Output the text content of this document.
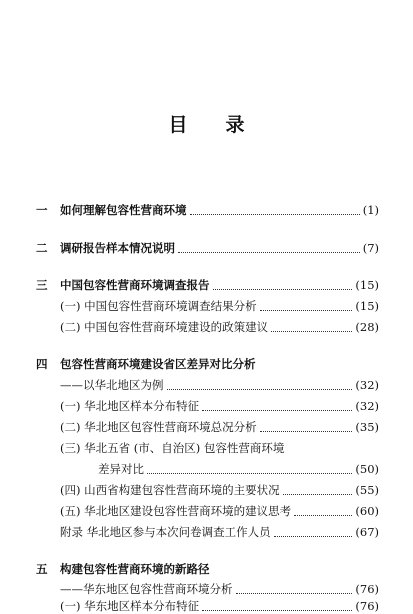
目 录
一	如何理解包容性营商环境	(1)
二	调研报告样本情况说明	(7)
三	中国包容性营商环境调查报告	(15)
(一) 中国包容性营商环境调查结果分析	(15)
(二) 中国包容性营商环境建设的政策建议	(28)
四	包容性营商环境建设省区差异对比分析
——以华北地区为例	(32)
(一) 华北地区样本分布特征	(32)
(二) 华北地区包容性营商环境总况分析	(35)
(三) 华北五省 (市、自治区) 包容性营商环境
差异对比	(50)
(四) 山西省构建包容性营商环境的主要状况	(55)
(五) 华北地区建设包容性营商环境的建议思考	(60)
附录 华北地区参与本次问卷调查工作人员	(67)
五	构建包容性营商环境的新路径
——华东地区包容性营商环境分析	(76)
(一) 华东地区样本分布特征	(76)
